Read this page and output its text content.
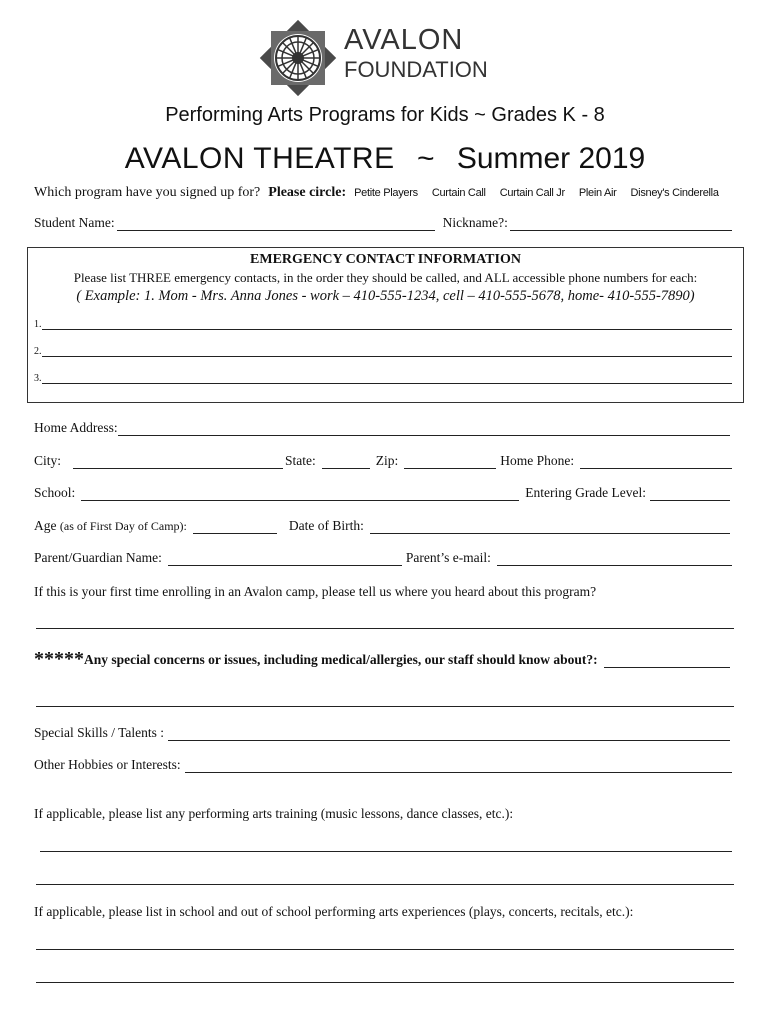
AVALON
FOUNDATION
Performing Arts Programs for Kids ~ Grades K - 8
AVALON THEATRE ~ Summer 2019
Which program have you signed up for? Please circle: Petite Players Curtain Call Curtain Call Jr Plein Air Disney's Cinderella
Student Name:	Nickname?:
EMERGENCY CONTACT INFORMATION
Please list THREE emergency contacts, in the order they should be called, and ALL accessible phone numbers for each:
( Example: 1. Mom - Mrs. Anna Jones - work – 410-555-1234, cell – 410-555-5678, home- 410-555-7890)
1.
2.
3.
Home Address:
City:	State:	Zip:	Home Phone:
School:	Entering Grade Level:
Age (as of First Day of Camp):	Date of Birth:
Parent/Guardian Name:	Parent’s e-mail:
If this is your first time enrolling in an Avalon camp, please tell us where you heard about this program?
***** Any special concerns or issues, including medical/allergies, our staff should know about?:
Special Skills / Talents :
Other Hobbies or Interests:
If applicable, please list any performing arts training (music lessons, dance classes, etc.):
If applicable, please list in school and out of school performing arts experiences (plays, concerts, recitals, etc.):
